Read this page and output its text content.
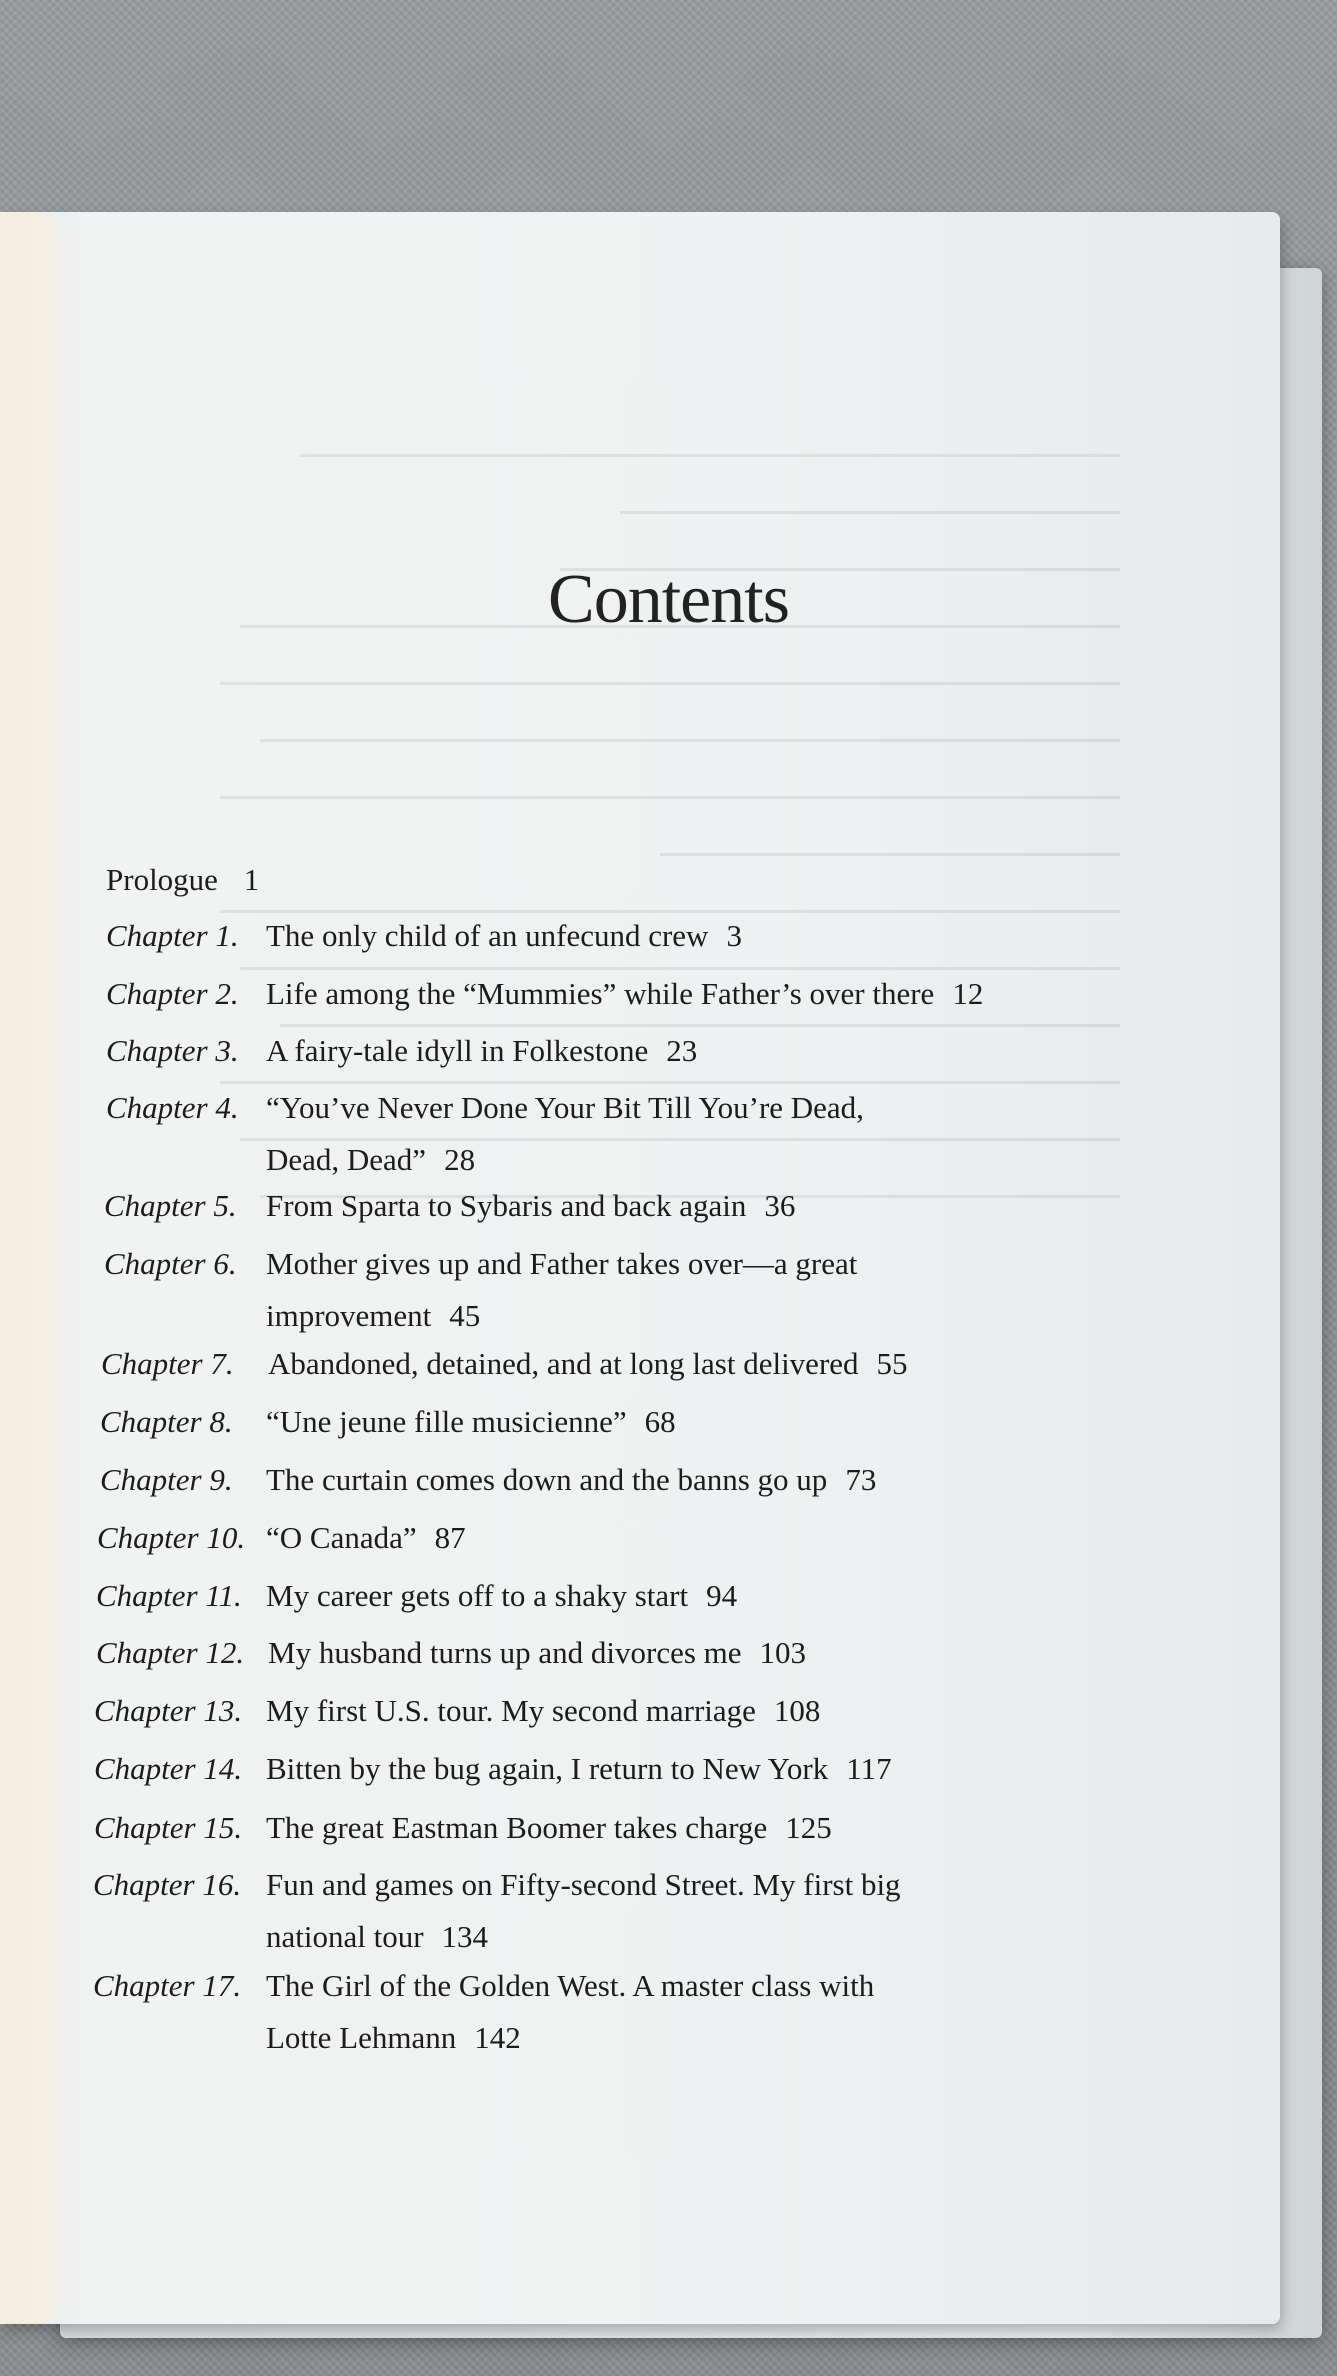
Contents
Prologue 1
Chapter 1. The only child of an unfecund crew 3
Chapter 2. Life among the “Mummies” while Father’s over there 12
Chapter 3. A fairy-tale idyll in Folkestone 23
Chapter 4. “You’ve Never Done Your Bit Till You’re Dead,
Dead, Dead” 28
Chapter 5. From Sparta to Sybaris and back again 36
Chapter 6. Mother gives up and Father takes over—a great
improvement 45
Chapter 7. Abandoned, detained, and at long last delivered 55
Chapter 8. “Une jeune fille musicienne” 68
Chapter 9. The curtain comes down and the banns go up 73
Chapter 10. “O Canada” 87
Chapter 11. My career gets off to a shaky start 94
Chapter 12. My husband turns up and divorces me 103
Chapter 13. My first U.S. tour. My second marriage 108
Chapter 14. Bitten by the bug again, I return to New York 117
Chapter 15. The great Eastman Boomer takes charge 125
Chapter 16. Fun and games on Fifty-second Street. My first big
national tour 134
Chapter 17. The Girl of the Golden West. A master class with
Lotte Lehmann 142
